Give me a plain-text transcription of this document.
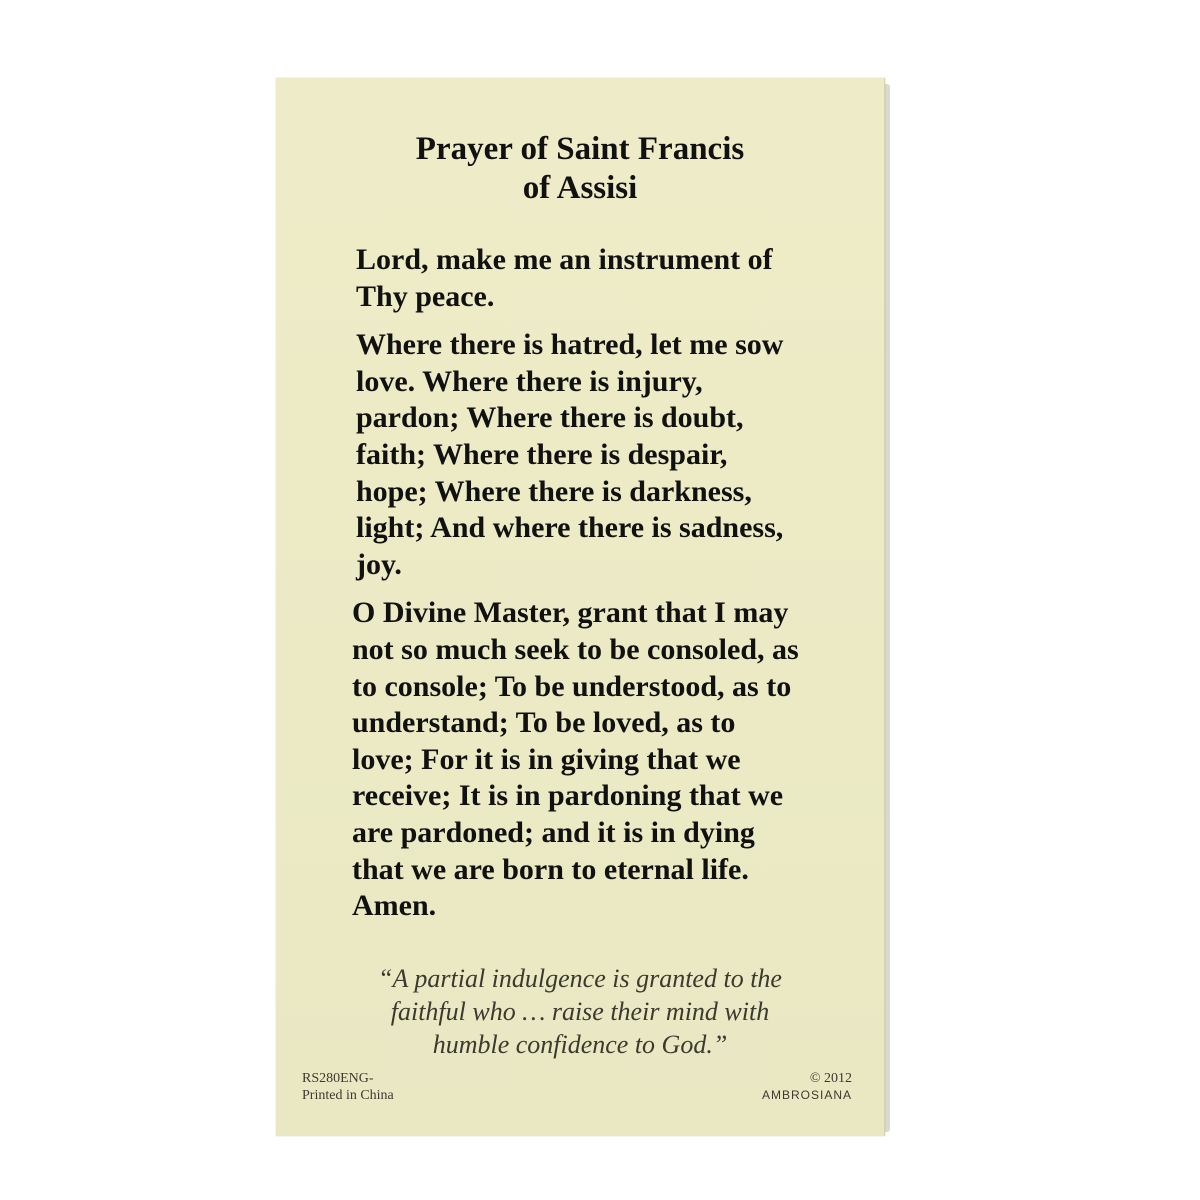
Prayer of Saint Francis
of Assisi
Lord, make me an instrument of
Thy peace.
Where there is hatred, let me sow
love. Where there is injury,
pardon; Where there is doubt,
faith; Where there is despair,
hope; Where there is darkness,
light; And where there is sadness,
joy.
O Divine Master, grant that I may
not so much seek to be consoled, as
to console; To be understood, as to
understand; To be loved, as to
love; For it is in giving that we
receive; It is in pardoning that we
are pardoned; and it is in dying
that we are born to eternal life.
Amen.
“A partial indulgence is granted to the
faithful who … raise their mind with
humble confidence to God.”
RS280ENG-
Printed in China
© 2012
AMBROSIANA
